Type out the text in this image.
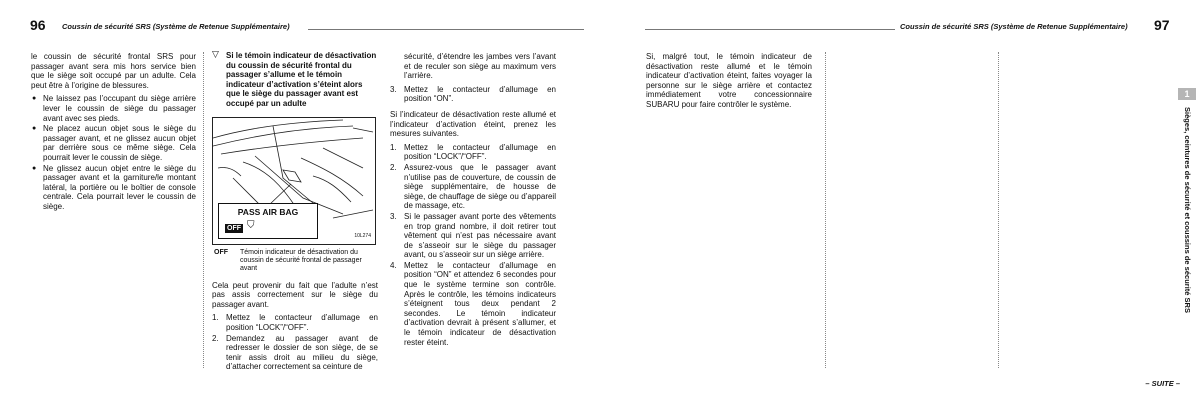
96 Coussin de sécurité SRS (Système de Retenue Supplémentaire)

le coussin de sécurité frontal SRS pour passager avant sera mis hors service bien que le siège soit occupé par un adulte. Cela peut être à l’origine de blessures.

● Ne laissez pas l’occupant du siège arrière lever le coussin de siège du passager avant avec ses pieds.
● Ne placez aucun objet sous le siège du passager avant, et ne glissez aucun objet par derrière sous ce même siège. Cela pourrait lever le coussin de siège.
● Ne glissez aucun objet entre le siège du passager avant et la garniture/le montant latéral, la portière ou le boîtier de console centrale. Cela pourrait lever le coussin de siège.
▽ Si le témoin indicateur de désactivation du coussin de sécurité frontal du passager s’allume et le témoin indicateur d’activation s’éteint alors que le siège du passager avant est occupé par un adulte
PASS AIR BAG
OFF ⛉
10L274
OFF Témoin indicateur de désactivation du coussin de sécurité frontal de passager avant

Cela peut provenir du fait que l’adulte n’est pas assis correctement sur le siège du passager avant.

1. Mettez le contacteur d’allumage en position “LOCK”/“OFF”.
2. Demandez au passager avant de redresser le dossier de son siège, de se tenir assis droit au milieu du siège, d’attacher correctement sa ceinture de

sécurité, d’étendre les jambes vers l’avant et de reculer son siège au maximum vers l’arrière.

3. Mettez le contacteur d’allumage en position “ON”.

Si l’indicateur de désactivation reste allumé et l’indicateur d’activation éteint, prenez les mesures suivantes.

1. Mettez le contacteur d’allumage en position “LOCK”/“OFF”.
2. Assurez-vous que le passager avant n’utilise pas de couverture, de coussin de siège supplémentaire, de housse de siège, de chauffage de siège ou d’appareil de massage, etc.
3. Si le passager avant porte des vêtements en trop grand nombre, il doit retirer tout vêtement qui n’est pas nécessaire avant de s’asseoir sur le siège du passager avant, ou s’asseoir sur un siège arrière.
4. Mettez le contacteur d’allumage en position “ON” et attendez 6 secondes pour que le système termine son contrôle. Après le contrôle, les témoins indicateurs s’éteignent tous deux pendant 2 secondes. Le témoin indicateur d’activation devrait à présent s’allumer, et le témoin indicateur de désactivation rester éteint.
Coussin de sécurité SRS (Système de Retenue Supplémentaire) 97

Si, malgré tout, le témoin indicateur de désactivation reste allumé et le témoin indicateur d’activation éteint, faites voyager la personne sur le siège arrière et contactez immédiatement votre concessionnaire SUBARU pour faire contrôler le système.

1
Sièges, ceintures de sécurité et coussins de sécurité SRS
– SUITE –
